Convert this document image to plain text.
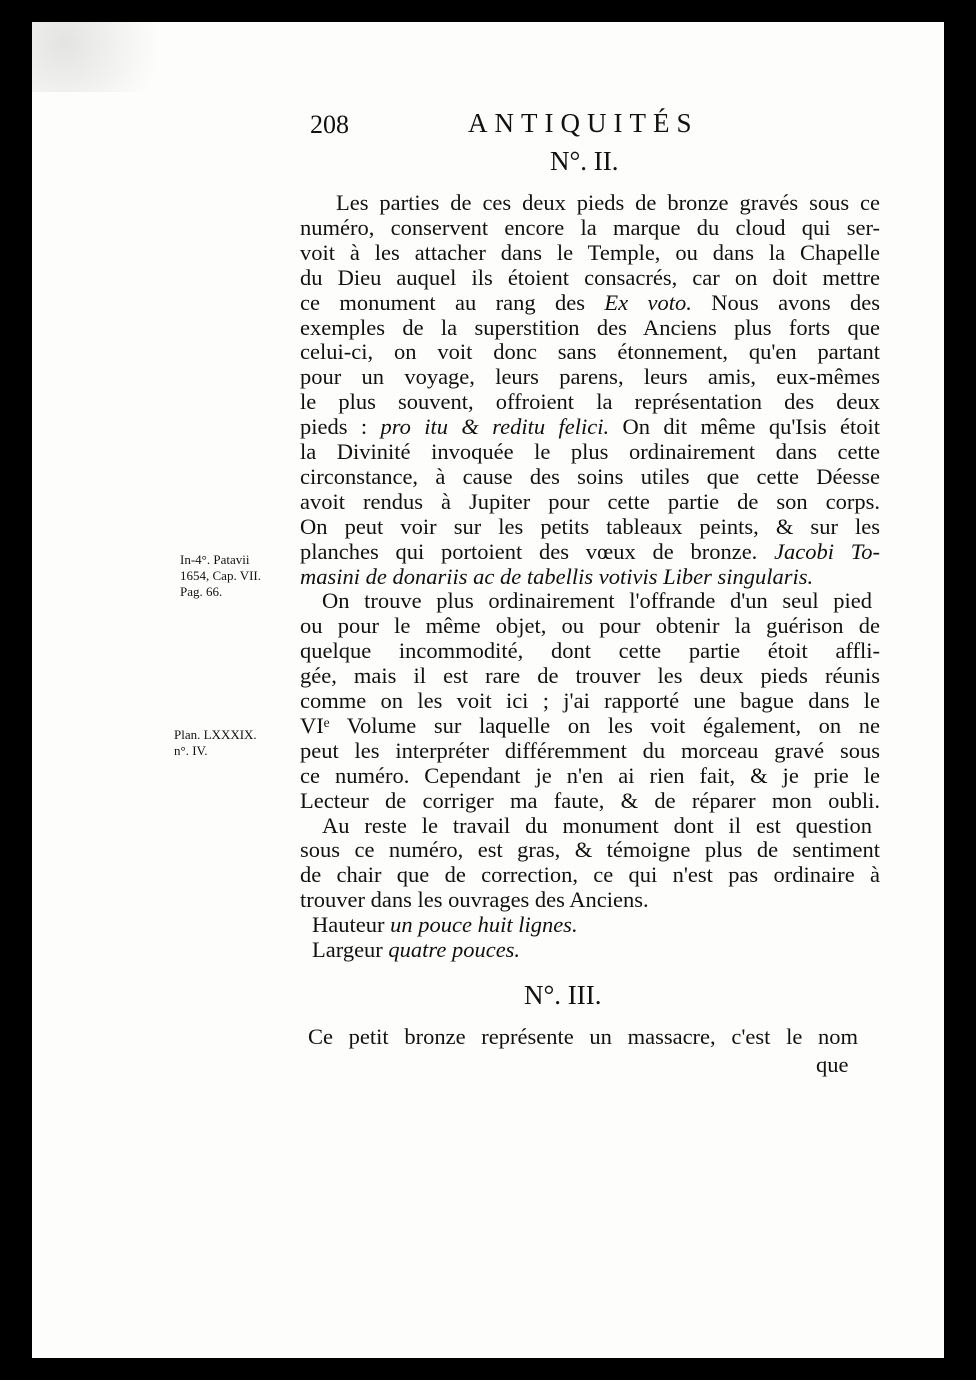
208	ANTIQUITÉS
N°. II.
Les parties de ces deux pieds de bronze gravés sous ce
numéro, conservent encore la marque du cloud qui ser-
voit à les attacher dans le Temple, ou dans la Chapelle
du Dieu auquel ils étoient consacrés, car on doit mettre
ce monument au rang des Ex voto. Nous avons des
exemples de la superstition des Anciens plus forts que
celui-ci, on voit donc sans étonnement, qu'en partant
pour un voyage, leurs parens, leurs amis, eux-mêmes
le plus souvent, offroient la représentation des deux
pieds : pro itu & reditu felici. On dit même qu'Isis étoit
la Divinité invoquée le plus ordinairement dans cette
circonstance, à cause des soins utiles que cette Déesse
avoit rendus à Jupiter pour cette partie de son corps.
On peut voir sur les petits tableaux peints, & sur les
planches qui portoient des vœux de bronze. Jacobi To-
masini de donariis ac de tabellis votivis Liber singularis.
On trouve plus ordinairement l'offrande d'un seul pied
ou pour le même objet, ou pour obtenir la guérison de
quelque incommodité, dont cette partie étoit affli-
gée, mais il est rare de trouver les deux pieds réunis
comme on les voit ici ; j'ai rapporté une bague dans le
VIᵉ Volume sur laquelle on les voit également, on ne
peut les interpréter différemment du morceau gravé sous
ce numéro. Cependant je n'en ai rien fait, & je prie le
Lecteur de corriger ma faute, & de réparer mon oubli.
Au reste le travail du monument dont il est question
sous ce numéro, est gras, & témoigne plus de sentiment
de chair que de correction, ce qui n'est pas ordinaire à
trouver dans les ouvrages des Anciens.
Hauteur un pouce huit lignes.
Largeur quatre pouces.
N°. III.
Ce petit bronze représente un massacre, c'est le nom
que
In-4°. Patavii
1654, Cap. VII.
Pag. 66.
Plan. LXXXIX.
n°. IV.
